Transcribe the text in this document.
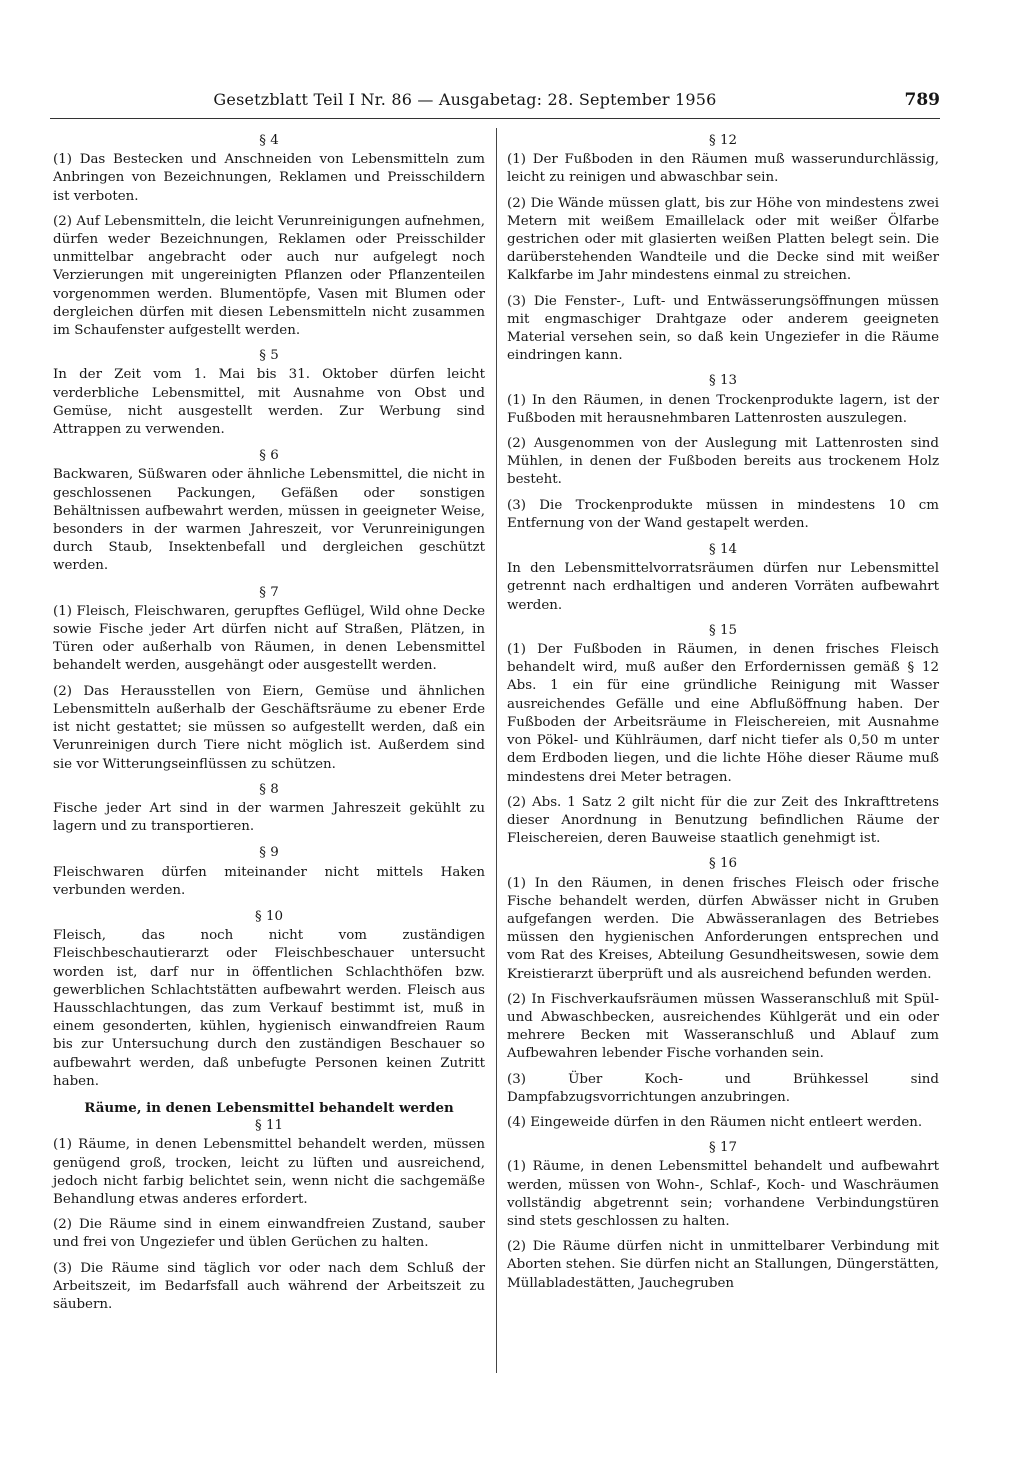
Gesetzblatt Teil I Nr. 86 — Ausgabetag: 28. September 1956	789
§ 4
(1) Das Bestecken und Anschneiden von Lebensmitteln zum Anbringen von Bezeichnungen, Reklamen und Preisschildern ist verboten.
(2) Auf Lebensmitteln, die leicht Verunreinigungen aufnehmen, dürfen weder Bezeichnungen, Reklamen oder Preisschilder unmittelbar angebracht oder auch nur aufgelegt noch Verzierungen mit ungereinigten Pflanzen oder Pflanzenteilen vorgenommen werden. Blumentöpfe, Vasen mit Blumen oder dergleichen dürfen mit diesen Lebensmitteln nicht zusammen im Schaufenster aufgestellt werden.
§ 5
In der Zeit vom 1. Mai bis 31. Oktober dürfen leicht verderbliche Lebensmittel, mit Ausnahme von Obst und Gemüse, nicht ausgestellt werden. Zur Werbung sind Attrappen zu verwenden.
§ 6
Backwaren, Süßwaren oder ähnliche Lebensmittel, die nicht in geschlossenen Packungen, Gefäßen oder sonstigen Behältnissen aufbewahrt werden, müssen in geeigneter Weise, besonders in der warmen Jahreszeit, vor Verunreinigungen durch Staub, Insektenbefall und dergleichen geschützt werden.
§ 7
(1) Fleisch, Fleischwaren, gerupftes Geflügel, Wild ohne Decke sowie Fische jeder Art dürfen nicht auf Straßen, Plätzen, in Türen oder außerhalb von Räumen, in denen Lebensmittel behandelt werden, ausgehängt oder ausgestellt werden.
(2) Das Herausstellen von Eiern, Gemüse und ähnlichen Lebensmitteln außerhalb der Geschäftsräume zu ebener Erde ist nicht gestattet; sie müssen so aufgestellt werden, daß ein Verunreinigen durch Tiere nicht möglich ist. Außerdem sind sie vor Witterungseinflüssen zu schützen.
§ 8
Fische jeder Art sind in der warmen Jahreszeit gekühlt zu lagern und zu transportieren.
§ 9
Fleischwaren dürfen miteinander nicht mittels Haken verbunden werden.
§ 10
Fleisch, das noch nicht vom zuständigen Fleischbeschautierarzt oder Fleischbeschauer untersucht worden ist, darf nur in öffentlichen Schlachthöfen bzw. gewerblichen Schlachtstätten aufbewahrt werden. Fleisch aus Hausschlachtungen, das zum Verkauf bestimmt ist, muß in einem gesonderten, kühlen, hygienisch einwandfreien Raum bis zur Untersuchung durch den zuständigen Beschauer so aufbewahrt werden, daß unbefugte Personen keinen Zutritt haben.
Räume, in denen Lebensmittel behandelt werden
§ 11
(1) Räume, in denen Lebensmittel behandelt werden, müssen genügend groß, trocken, leicht zu lüften und ausreichend, jedoch nicht farbig belichtet sein, wenn nicht die sachgemäße Behandlung etwas anderes erfordert.
(2) Die Räume sind in einem einwandfreien Zustand, sauber und frei von Ungeziefer und üblen Gerüchen zu halten.
(3) Die Räume sind täglich vor oder nach dem Schluß der Arbeitszeit, im Bedarfsfall auch während der Arbeitszeit zu säubern.
§ 12
(1) Der Fußboden in den Räumen muß wasserundurchlässig, leicht zu reinigen und abwaschbar sein.
(2) Die Wände müssen glatt, bis zur Höhe von mindestens zwei Metern mit weißem Emaillelack oder mit weißer Ölfarbe gestrichen oder mit glasierten weißen Platten belegt sein. Die darüberstehenden Wandteile und die Decke sind mit weißer Kalkfarbe im Jahr mindestens einmal zu streichen.
(3) Die Fenster-, Luft- und Entwässerungsöffnungen müssen mit engmaschiger Drahtgaze oder anderem geeigneten Material versehen sein, so daß kein Ungeziefer in die Räume eindringen kann.
§ 13
(1) In den Räumen, in denen Trockenprodukte lagern, ist der Fußboden mit herausnehmbaren Lattenrosten auszulegen.
(2) Ausgenommen von der Auslegung mit Lattenrosten sind Mühlen, in denen der Fußboden bereits aus trockenem Holz besteht.
(3) Die Trockenprodukte müssen in mindestens 10 cm Entfernung von der Wand gestapelt werden.
§ 14
In den Lebensmittelvorratsräumen dürfen nur Lebensmittel getrennt nach erdhaltigen und anderen Vorräten aufbewahrt werden.
§ 15
(1) Der Fußboden in Räumen, in denen frisches Fleisch behandelt wird, muß außer den Erfordernissen gemäß § 12 Abs. 1 ein für eine gründliche Reinigung mit Wasser ausreichendes Gefälle und eine Abflußöffnung haben. Der Fußboden der Arbeitsräume in Fleischereien, mit Ausnahme von Pökel- und Kühlräumen, darf nicht tiefer als 0,50 m unter dem Erdboden liegen, und die lichte Höhe dieser Räume muß mindestens drei Meter betragen.
(2) Abs. 1 Satz 2 gilt nicht für die zur Zeit des Inkrafttretens dieser Anordnung in Benutzung befindlichen Räume der Fleischereien, deren Bauweise staatlich genehmigt ist.
§ 16
(1) In den Räumen, in denen frisches Fleisch oder frische Fische behandelt werden, dürfen Abwässer nicht in Gruben aufgefangen werden. Die Abwässeranlagen des Betriebes müssen den hygienischen Anforderungen entsprechen und vom Rat des Kreises, Abteilung Gesundheitswesen, sowie dem Kreistierarzt überprüft und als ausreichend befunden werden.
(2) In Fischverkaufsräumen müssen Wasseranschluß mit Spül- und Abwaschbecken, ausreichendes Kühlgerät und ein oder mehrere Becken mit Wasseranschluß und Ablauf zum Aufbewahren lebender Fische vorhanden sein.
(3) Über Koch- und Brühkessel sind Dampfabzugsvorrichtungen anzubringen.
(4) Eingeweide dürfen in den Räumen nicht entleert werden.
§ 17
(1) Räume, in denen Lebensmittel behandelt und aufbewahrt werden, müssen von Wohn-, Schlaf-, Koch- und Waschräumen vollständig abgetrennt sein; vorhandene Verbindungstüren sind stets geschlossen zu halten.
(2) Die Räume dürfen nicht in unmittelbarer Verbindung mit Aborten stehen. Sie dürfen nicht an Stallungen, Düngerstätten, Müllabladestätten, Jauchegruben
